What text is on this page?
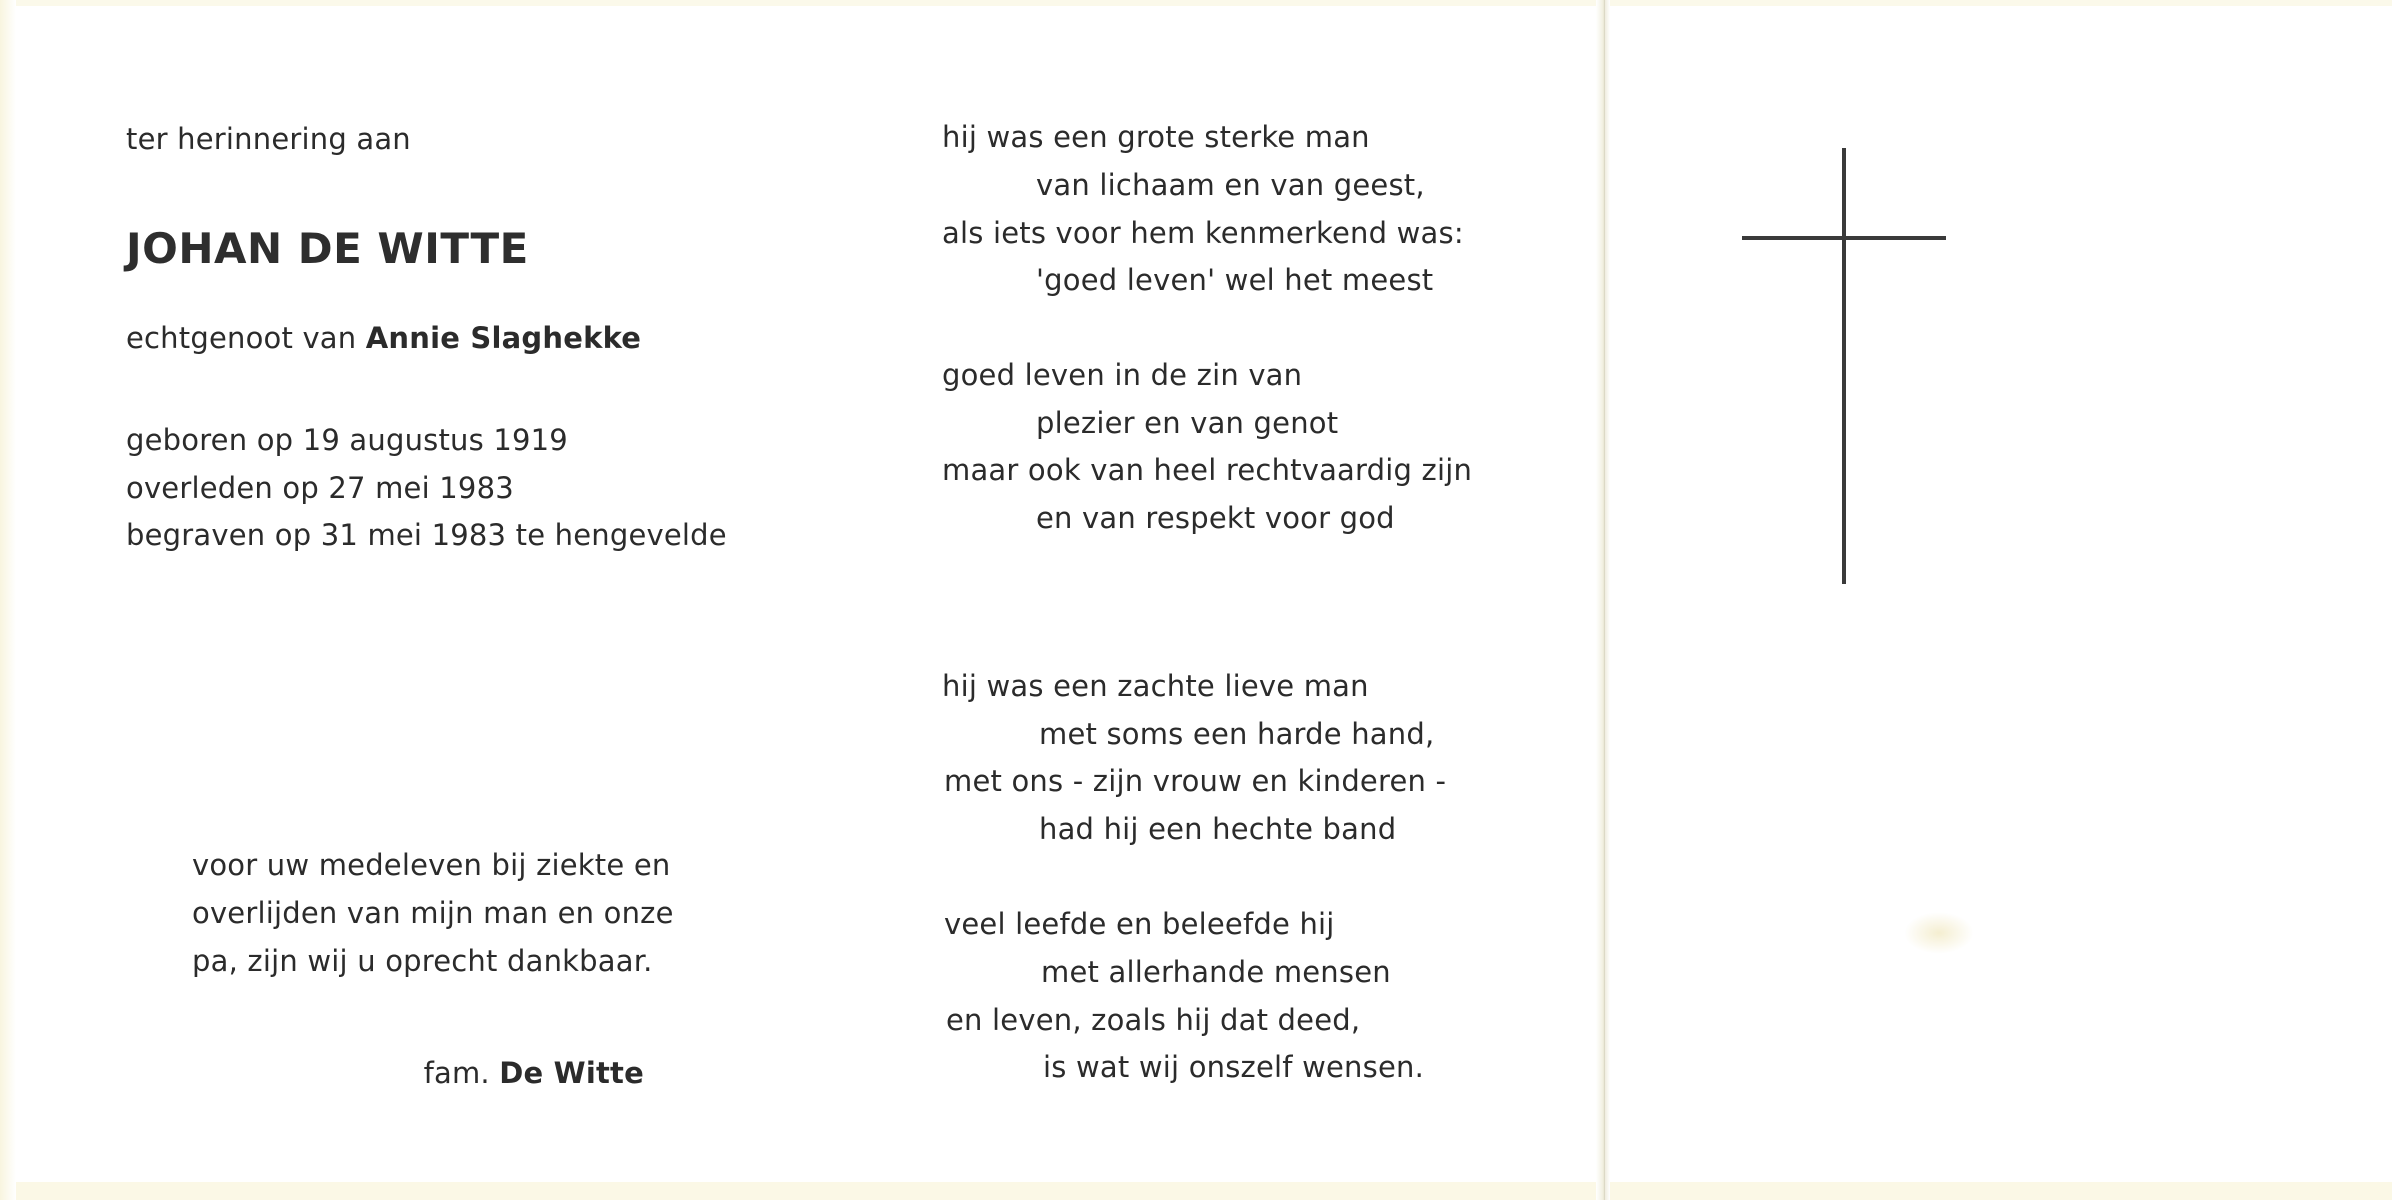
ter herinnering aan
JOHAN DE WITTE
echtgenoot van Annie Slaghekke
geboren op 19 augustus 1919
overleden op 27 mei 1983
begraven op 31 mei 1983 te hengevelde
voor uw medeleven bij ziekte en
overlijden van mijn man en onze
pa, zijn wij u oprecht dankbaar.
fam. De Witte
hij was een grote sterke man
van lichaam en van geest,
als iets voor hem kenmerkend was:
'goed leven' wel het meest
goed leven in de zin van
plezier en van genot
maar ook van heel rechtvaardig zijn
en van respekt voor god
hij was een zachte lieve man
met soms een harde hand,
met ons - zijn vrouw en kinderen -
had hij een hechte band
veel leefde en beleefde hij
met allerhande mensen
en leven, zoals hij dat deed,
is wat wij onszelf wensen.
